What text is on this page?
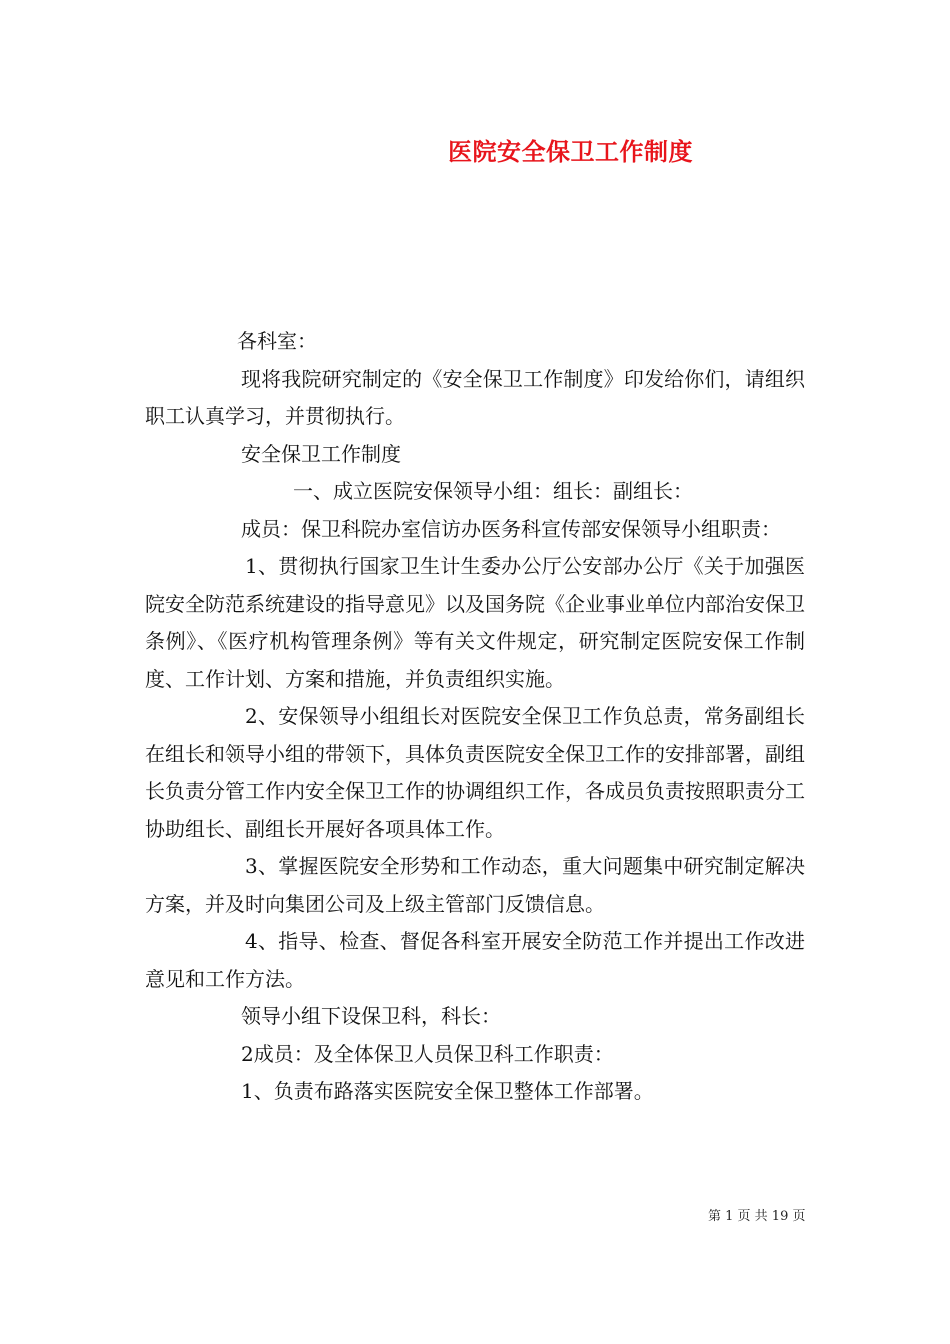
医院安全保卫工作制度

各科室：

现将我院研究制定的《安全保卫工作制度》印发给你们，请组织职工认真学习，并贯彻执行。

安全保卫工作制度

一、成立医院安保领导小组：组长：副组长：

成员：保卫科院办室信访办医务科宣传部安保领导小组职责：

1、贯彻执行国家卫生计生委办公厅公安部办公厅《关于加强医院安全防范系统建设的指导意见》以及国务院《企业事业单位内部治安保卫条例》、《医疗机构管理条例》等有关文件规定，研究制定医院安保工作制度、工作计划、方案和措施，并负责组织实施。

2、安保领导小组组长对医院安全保卫工作负总责，常务副组长在组长和领导小组的带领下，具体负责医院安全保卫工作的安排部署，副组长负责分管工作内安全保卫工作的协调组织工作，各成员负责按照职责分工协助组长、副组长开展好各项具体工作。

3、掌握医院安全形势和工作动态，重大问题集中研究制定解决方案，并及时向集团公司及上级主管部门反馈信息。

4、指导、检查、督促各科室开展安全防范工作并提出工作改进意见和工作方法。

领导小组下设保卫科，科长：

2成员：及全体保卫人员保卫科工作职责：

1、负责布路落实医院安全保卫整体工作部署。

第 1 页 共 19 页
